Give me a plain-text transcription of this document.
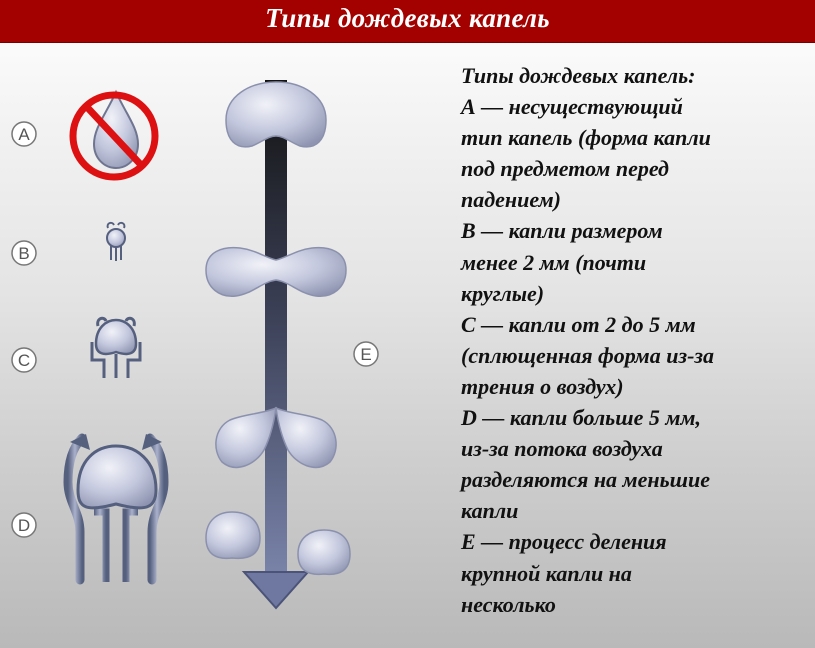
Типы дождевых капель
A
B
C
D
E
Типы дождевых капель:
А — несуществующий
тип капель (форма капли
под предметом перед
падением)
В — капли размером
менее 2 мм (почти
круглые)
С — капли от 2 до 5 мм
(сплющенная форма из-за
трения о воздух)
D — капли больше 5 мм,
из-за потока воздуха
разделяются на меньшие
капли
Е — процесс деления
крупной капли на
несколько
